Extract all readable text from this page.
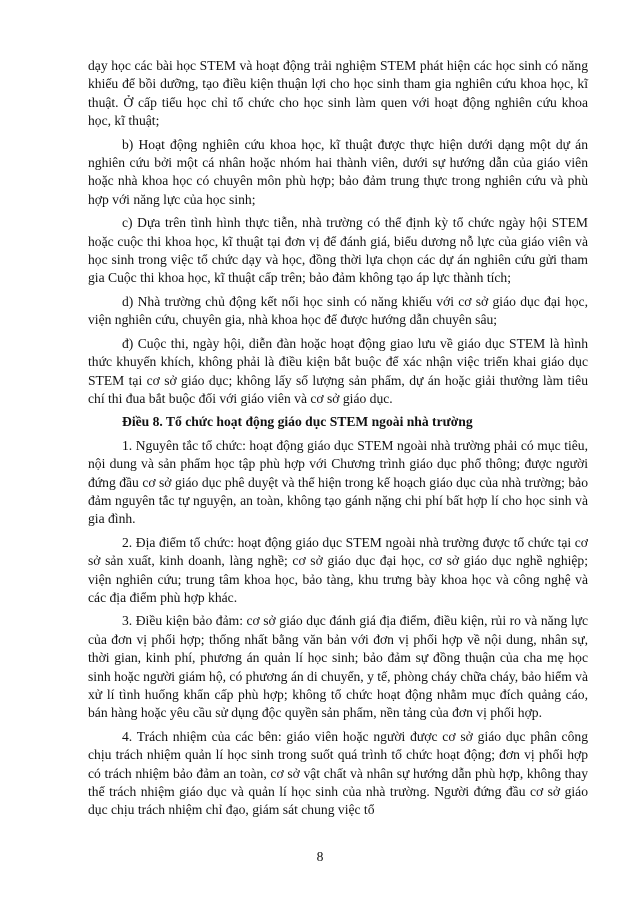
dạy học các bài học STEM và hoạt động trải nghiệm STEM phát hiện các học sinh có năng khiếu để bồi dưỡng, tạo điều kiện thuận lợi cho học sinh tham gia nghiên cứu khoa học, kĩ thuật. Ở cấp tiểu học chỉ tổ chức cho học sinh làm quen với hoạt động nghiên cứu khoa học, kĩ thuật;

b) Hoạt động nghiên cứu khoa học, kĩ thuật được thực hiện dưới dạng một dự án nghiên cứu bởi một cá nhân hoặc nhóm hai thành viên, dưới sự hướng dẫn của giáo viên hoặc nhà khoa học có chuyên môn phù hợp; bảo đảm trung thực trong nghiên cứu và phù hợp với năng lực của học sinh;

c) Dựa trên tình hình thực tiễn, nhà trường có thể định kỳ tổ chức ngày hội STEM hoặc cuộc thi khoa học, kĩ thuật tại đơn vị để đánh giá, biểu dương nỗ lực của giáo viên và học sinh trong việc tổ chức dạy và học, đồng thời lựa chọn các dự án nghiên cứu gửi tham gia Cuộc thi khoa học, kĩ thuật cấp trên; bảo đảm không tạo áp lực thành tích;

d) Nhà trường chủ động kết nối học sinh có năng khiếu với cơ sở giáo dục đại học, viện nghiên cứu, chuyên gia, nhà khoa học để được hướng dẫn chuyên sâu;

đ) Cuộc thi, ngày hội, diễn đàn hoặc hoạt động giao lưu về giáo dục STEM là hình thức khuyến khích, không phải là điều kiện bắt buộc để xác nhận việc triển khai giáo dục STEM tại cơ sở giáo dục; không lấy số lượng sản phẩm, dự án hoặc giải thưởng làm tiêu chí thi đua bắt buộc đối với giáo viên và cơ sở giáo dục.

Điều 8. Tổ chức hoạt động giáo dục STEM ngoài nhà trường

1. Nguyên tắc tổ chức: hoạt động giáo dục STEM ngoài nhà trường phải có mục tiêu, nội dung và sản phẩm học tập phù hợp với Chương trình giáo dục phổ thông; được người đứng đầu cơ sở giáo dục phê duyệt và thể hiện trong kế hoạch giáo dục của nhà trường; bảo đảm nguyên tắc tự nguyện, an toàn, không tạo gánh nặng chi phí bất hợp lí cho học sinh và gia đình.

2. Địa điểm tổ chức: hoạt động giáo dục STEM ngoài nhà trường được tổ chức tại cơ sở sản xuất, kinh doanh, làng nghề; cơ sở giáo dục đại học, cơ sở giáo dục nghề nghiệp; viện nghiên cứu; trung tâm khoa học, bảo tàng, khu trưng bày khoa học và công nghệ và các địa điểm phù hợp khác.

3. Điều kiện bảo đảm: cơ sở giáo dục đánh giá địa điểm, điều kiện, rủi ro và năng lực của đơn vị phối hợp; thống nhất bằng văn bản với đơn vị phối hợp về nội dung, nhân sự, thời gian, kinh phí, phương án quản lí học sinh; bảo đảm sự đồng thuận của cha mẹ học sinh hoặc người giám hộ, có phương án di chuyển, y tế, phòng cháy chữa cháy, bảo hiểm và xử lí tình huống khẩn cấp phù hợp; không tổ chức hoạt động nhằm mục đích quảng cáo, bán hàng hoặc yêu cầu sử dụng độc quyền sản phẩm, nền tảng của đơn vị phối hợp.

4. Trách nhiệm của các bên: giáo viên hoặc người được cơ sở giáo dục phân công chịu trách nhiệm quản lí học sinh trong suốt quá trình tổ chức hoạt động; đơn vị phối hợp có trách nhiệm bảo đảm an toàn, cơ sở vật chất và nhân sự hướng dẫn phù hợp, không thay thế trách nhiệm giáo dục và quản lí học sinh của nhà trường. Người đứng đầu cơ sở giáo dục chịu trách nhiệm chỉ đạo, giám sát chung việc tổ

8
